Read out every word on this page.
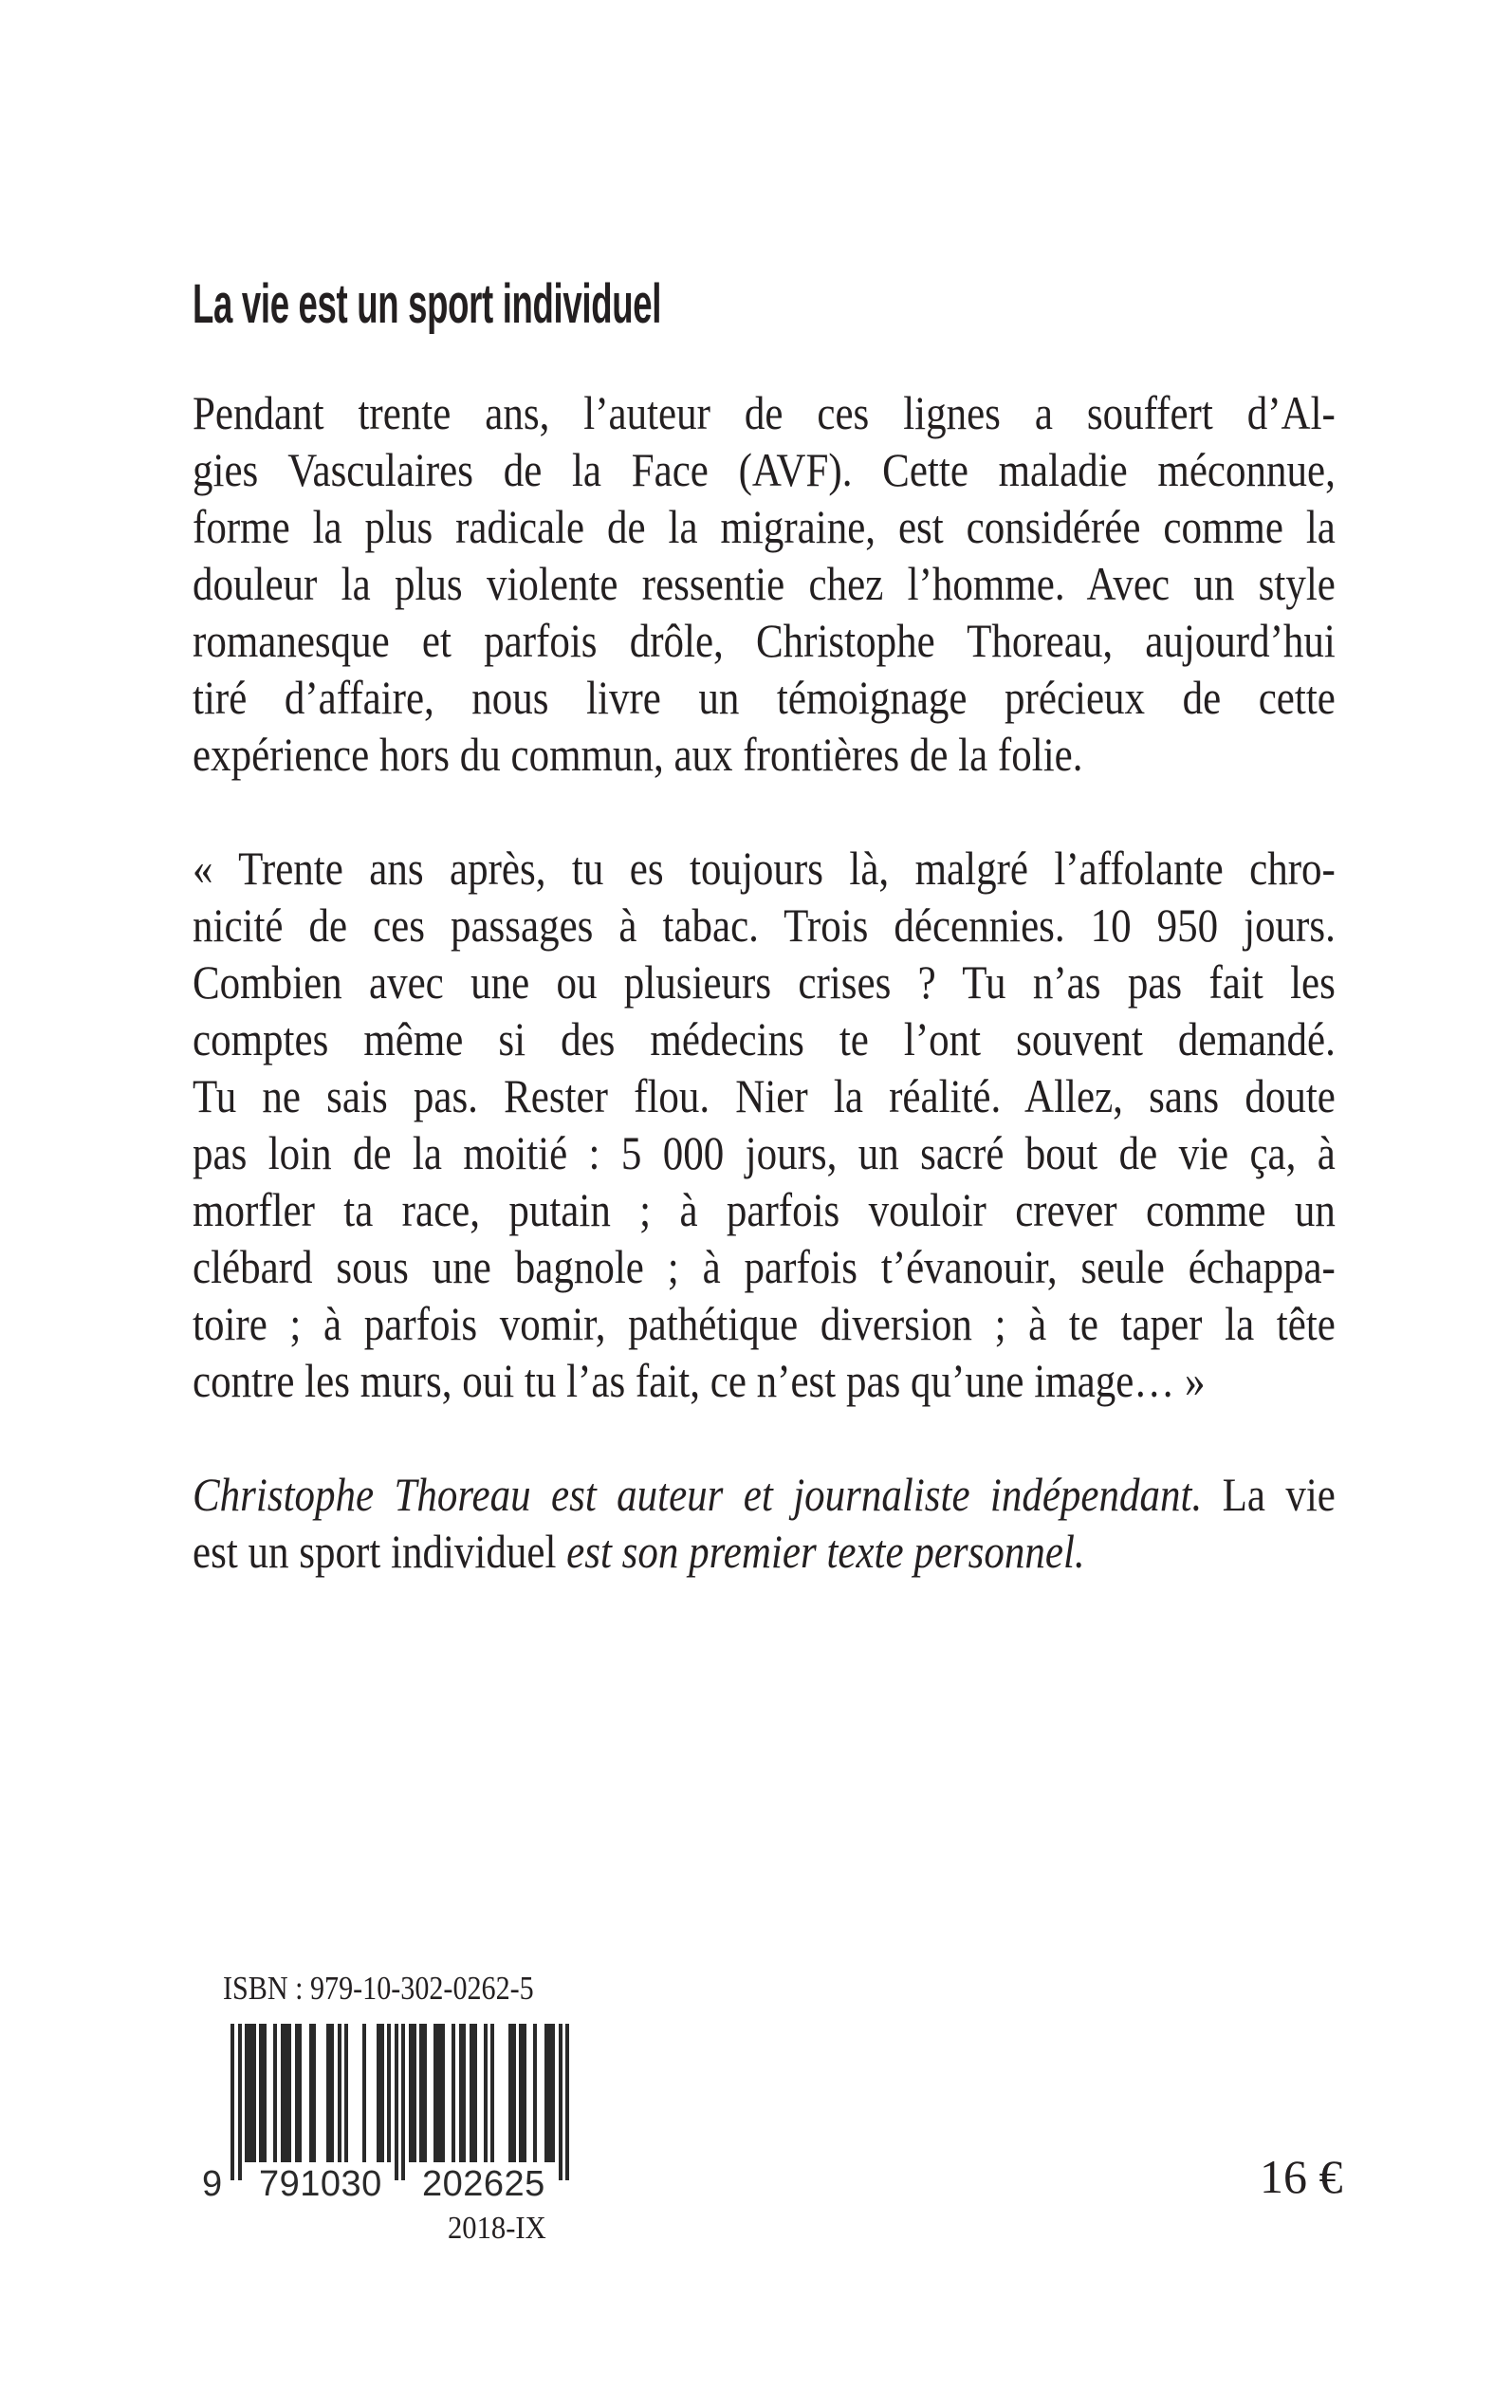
La vie est un sport individuel
Pendant trente ans, l’auteur de ces lignes a souffert d’Al-
gies Vasculaires de la Face (AVF). Cette maladie méconnue,
forme la plus radicale de la migraine, est considérée comme la
douleur la plus violente ressentie chez l’homme. Avec un style
romanesque et parfois drôle, Christophe Thoreau, aujourd’hui
tiré d’affaire, nous livre un témoignage précieux de cette
expérience hors du commun, aux frontières de la folie.
« Trente ans après, tu es toujours là, malgré l’affolante chro-
nicité de ces passages à tabac. Trois décennies. 10 950 jours.
Combien avec une ou plusieurs crises ? Tu n’as pas fait les
comptes même si des médecins te l’ont souvent demandé.
Tu ne sais pas. Rester flou. Nier la réalité. Allez, sans doute
pas loin de la moitié : 5 000 jours, un sacré bout de vie ça, à
morfler ta race, putain ; à parfois vouloir crever comme un
clébard sous une bagnole ; à parfois t’évanouir, seule échappa-
toire ; à parfois vomir, pathétique diversion ; à te taper la tête
contre les murs, oui tu l’as fait, ce n’est pas qu’une image… »
Christophe Thoreau est auteur et journaliste indépendant. La vie
est un sport individuel est son premier texte personnel.
ISBN : 979-10-302-0262-5
9 791030 202625
2018-IX
16 €
